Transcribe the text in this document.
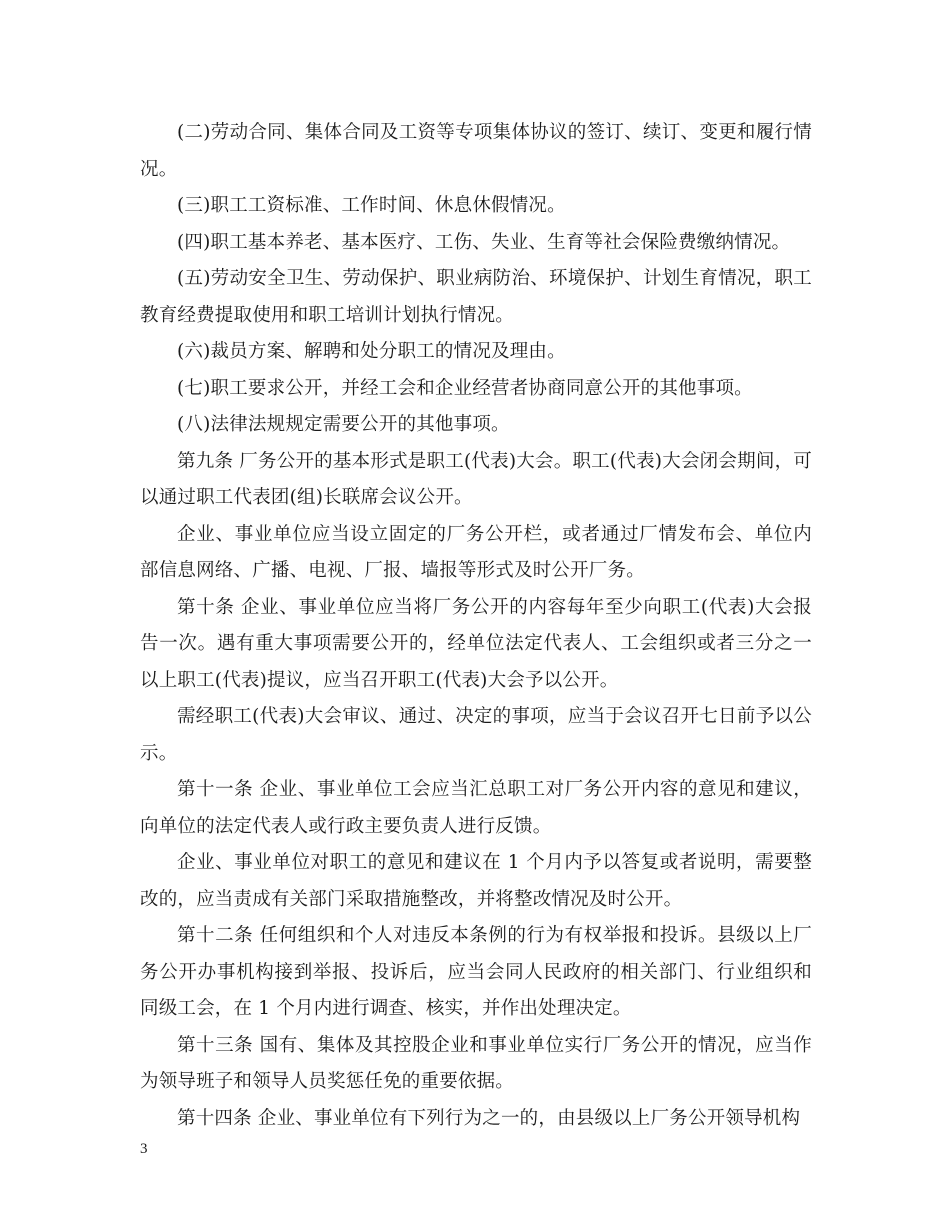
(二)劳动合同、集体合同及工资等专项集体协议的签订、续订、变更和履行情况。

(三)职工工资标准、工作时间、休息休假情况。

(四)职工基本养老、基本医疗、工伤、失业、生育等社会保险费缴纳情况。

(五)劳动安全卫生、劳动保护、职业病防治、环境保护、计划生育情况，职工教育经费提取使用和职工培训计划执行情况。

(六)裁员方案、解聘和处分职工的情况及理由。

(七)职工要求公开，并经工会和企业经营者协商同意公开的其他事项。

(八)法律法规规定需要公开的其他事项。

第九条 厂务公开的基本形式是职工(代表)大会。职工(代表)大会闭会期间，可以通过职工代表团(组)长联席会议公开。

企业、事业单位应当设立固定的厂务公开栏，或者通过厂情发布会、单位内部信息网络、广播、电视、厂报、墙报等形式及时公开厂务。

第十条 企业、事业单位应当将厂务公开的内容每年至少向职工(代表)大会报告一次。遇有重大事项需要公开的，经单位法定代表人、工会组织或者三分之一以上职工(代表)提议，应当召开职工(代表)大会予以公开。

需经职工(代表)大会审议、通过、决定的事项，应当于会议召开七日前予以公示。

第十一条 企业、事业单位工会应当汇总职工对厂务公开内容的意见和建议，向单位的法定代表人或行政主要负责人进行反馈。

企业、事业单位对职工的意见和建议在 1 个月内予以答复或者说明，需要整改的，应当责成有关部门采取措施整改，并将整改情况及时公开。

第十二条 任何组织和个人对违反本条例的行为有权举报和投诉。县级以上厂务公开办事机构接到举报、投诉后，应当会同人民政府的相关部门、行业组织和同级工会，在 1 个月内进行调查、核实，并作出处理决定。

第十三条 国有、集体及其控股企业和事业单位实行厂务公开的情况，应当作为领导班子和领导人员奖惩任免的重要依据。

第十四条 企业、事业单位有下列行为之一的，由县级以上厂务公开领导机构

3
